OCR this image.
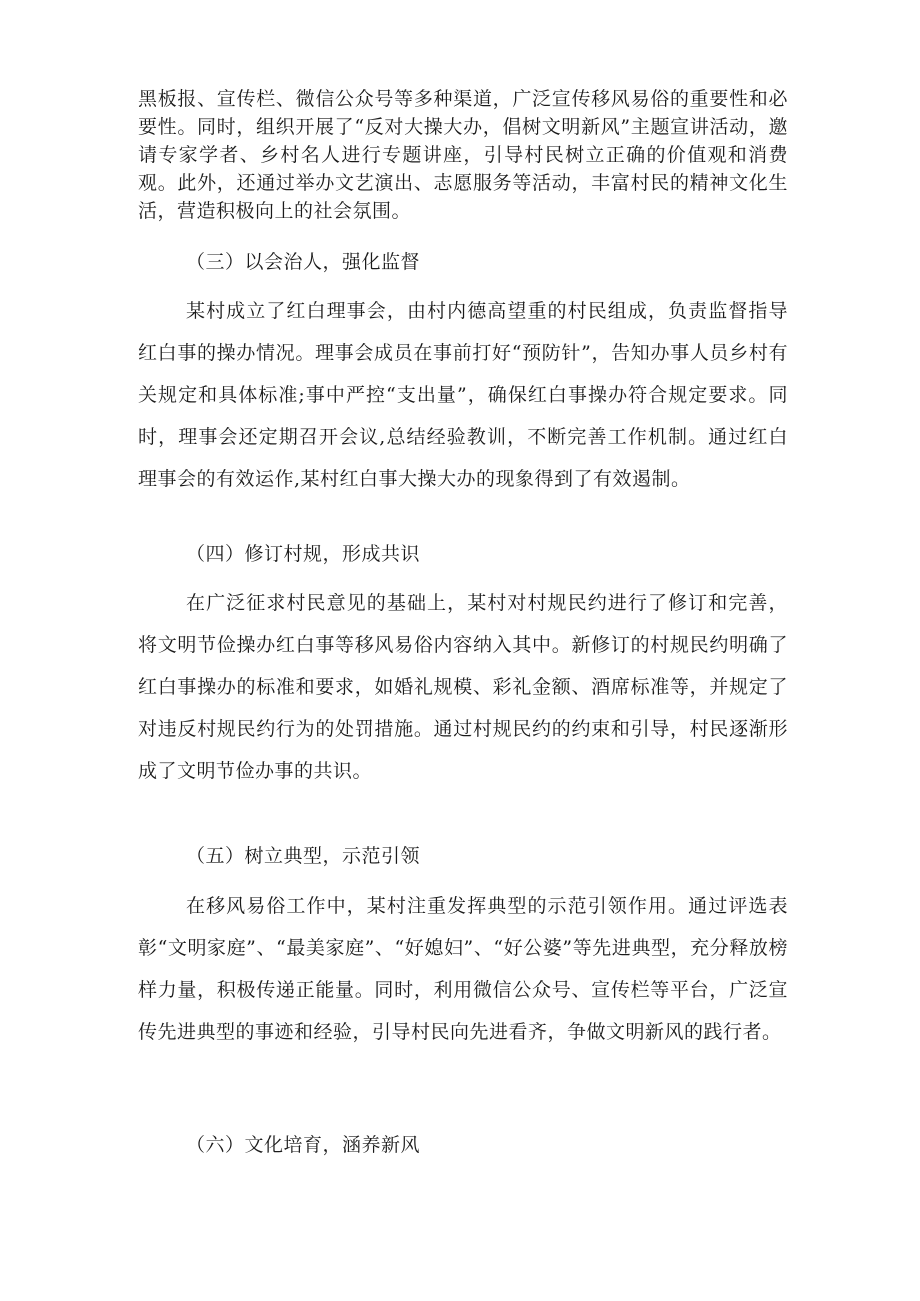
黑板报、宣传栏、微信公众号等多种渠道，广泛宣传移风易俗的重要性和必要性。同时，组织开展了“反对大操大办，倡树文明新风”主题宣讲活动，邀请专家学者、乡村名人进行专题讲座，引导村民树立正确的价值观和消费观。此外，还通过举办文艺演出、志愿服务等活动，丰富村民的精神文化生活，营造积极向上的社会氛围。

（三）以会治人，强化监督

某村成立了红白理事会，由村内德高望重的村民组成，负责监督指导红白事的操办情况。理事会成员在事前打好“预防针”，告知办事人员乡村有关规定和具体标准;事中严控“支出量”，确保红白事操办符合规定要求。同时，理事会还定期召开会议,总结经验教训，不断完善工作机制。通过红白理事会的有效运作,某村红白事大操大办的现象得到了有效遏制。

（四）修订村规，形成共识

在广泛征求村民意见的基础上，某村对村规民约进行了修订和完善，将文明节俭操办红白事等移风易俗内容纳入其中。新修订的村规民约明确了红白事操办的标准和要求，如婚礼规模、彩礼金额、酒席标准等，并规定了对违反村规民约行为的处罚措施。通过村规民约的约束和引导，村民逐渐形成了文明节俭办事的共识。

（五）树立典型，示范引领

在移风易俗工作中，某村注重发挥典型的示范引领作用。通过评选表彰“文明家庭”、“最美家庭”、“好媳妇”、“好公婆”等先进典型，充分释放榜样力量，积极传递正能量。同时，利用微信公众号、宣传栏等平台，广泛宣传先进典型的事迹和经验，引导村民向先进看齐，争做文明新风的践行者。

（六）文化培育，涵养新风
